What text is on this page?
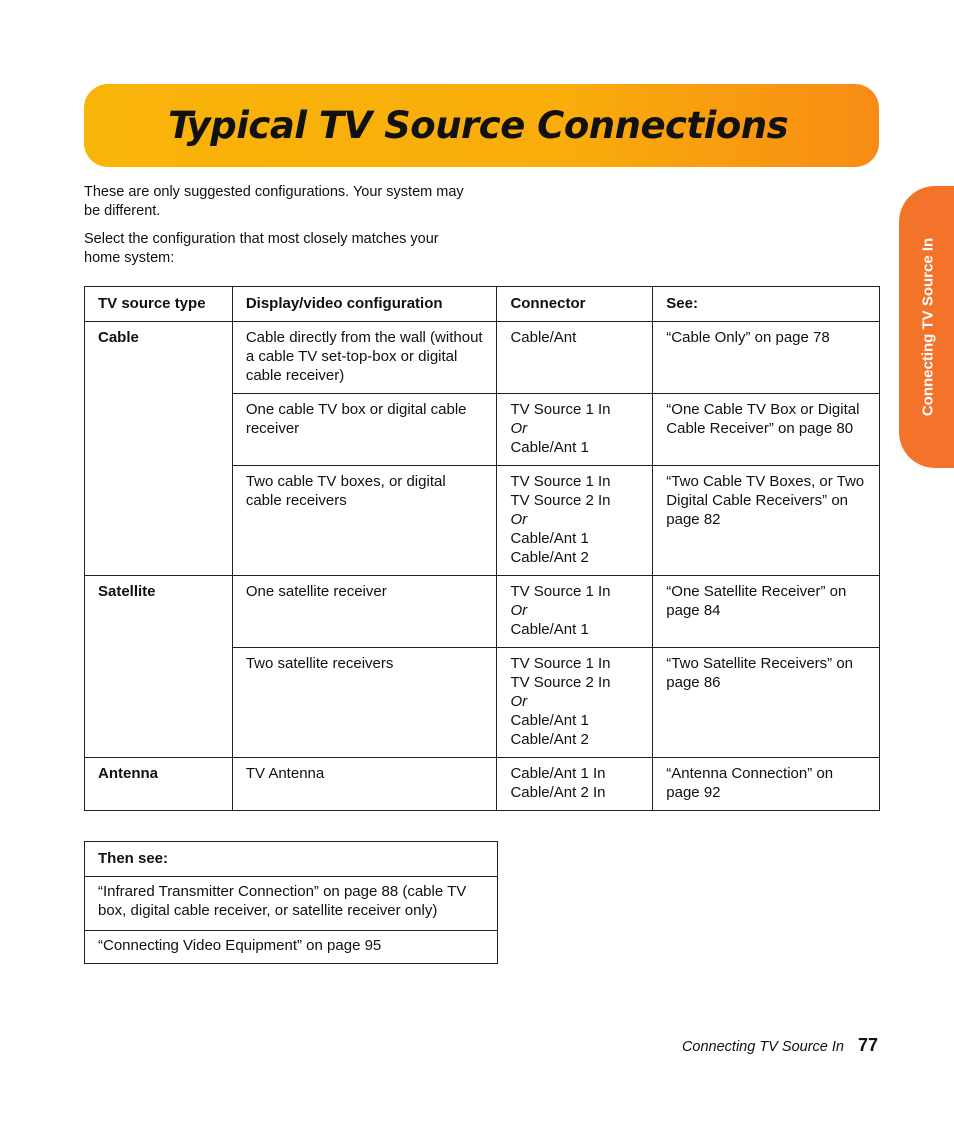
Typical TV Source Connections
Connecting TV Source In

These are only suggested configurations. Your system may be different.

Select the configuration that most closely matches your home system:

TV source type	Display/video configuration	Connector	See:
Cable	Cable directly from the wall (without a cable TV set-top-box or digital cable receiver)	Cable/Ant	“Cable Only” on page 78
	One cable TV box or digital cable receiver	TV Source 1 In
Or
Cable/Ant 1	“One Cable TV Box or Digital Cable Receiver” on page 80
	Two cable TV boxes, or digital cable receivers	TV Source 1 In
TV Source 2 In
Or
Cable/Ant 1
Cable/Ant 2	“Two Cable TV Boxes, or Two Digital Cable Receivers” on page 82
Satellite	One satellite receiver	TV Source 1 In
Or
Cable/Ant 1	“One Satellite Receiver” on page 84
	Two satellite receivers	TV Source 1 In
TV Source 2 In
Or
Cable/Ant 1
Cable/Ant 2	“Two Satellite Receivers” on page 86
Antenna	TV Antenna	Cable/Ant 1 In
Cable/Ant 2 In	“Antenna Connection” on page 92
Then see:
“Infrared Transmitter Connection” on page 88 (cable TV box, digital cable receiver, or satellite receiver only)
“Connecting Video Equipment” on page 95
Connecting TV Source In 77
